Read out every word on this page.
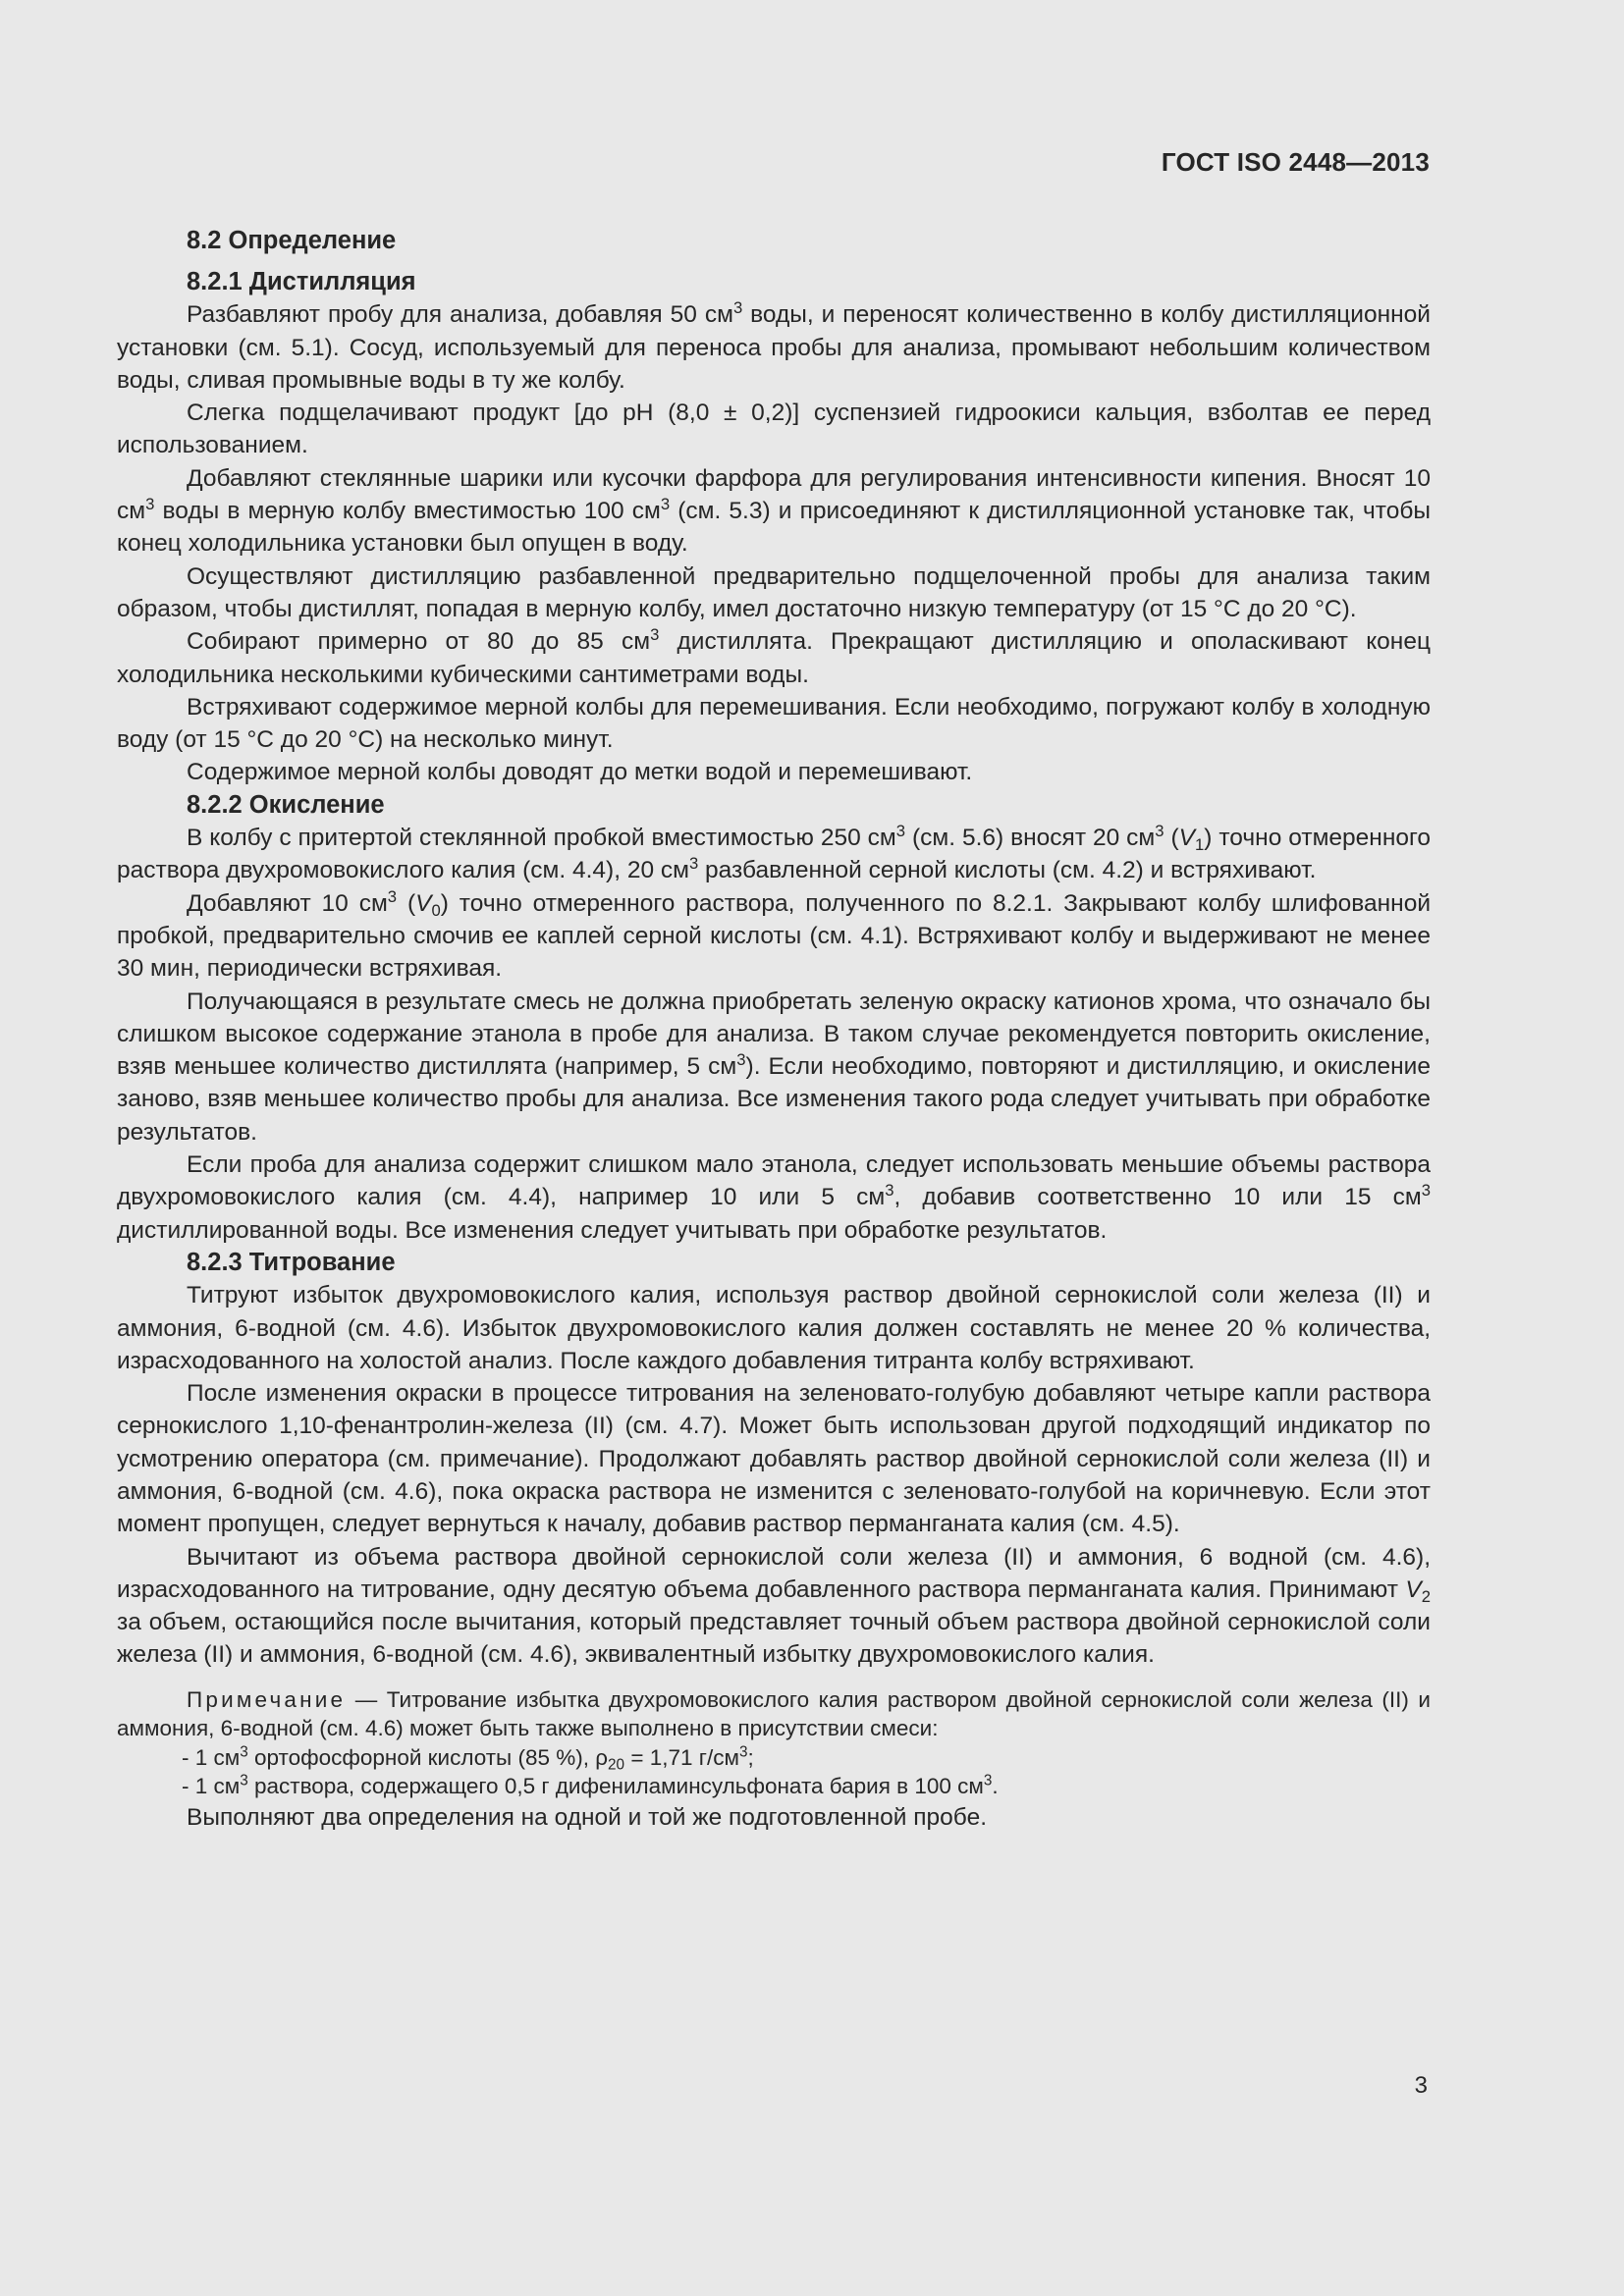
ГОСТ ISO 2448—2013
8.2 Определение
8.2.1 Дистилляция

Разбавляют пробу для анализа, добавляя 50 $см^3$ воды, и переносят количественно в колбу дистилляционной установки (см. 5.1). Сосуд, используемый для переноса пробы для анализа, промывают небольшим количеством воды, сливая промывные воды в ту же колбу.

Слегка подщелачивают продукт [до pH (8,0 ± 0,2)] суспензией гидроокиси кальция, взболтав ее перед использованием.

Добавляют стеклянные шарики или кусочки фарфора для регулирования интенсивности кипения. Вносят 10 $см^3$ воды в мерную колбу вместимостью 100 $см^3$ (см. 5.3) и присоединяют к дистилляционной установке так, чтобы конец холодильника установки был опущен в воду.

Осуществляют дистилляцию разбавленной предварительно подщелоченной пробы для анализа таким образом, чтобы дистиллят, попадая в мерную колбу, имел достаточно низкую температуру (от 15 °С до 20 °С).

Собирают примерно от 80 до 85 $см^3$ дистиллята. Прекращают дистилляцию и ополаскивают конец холодильника несколькими кубическими сантиметрами воды.

Встряхивают содержимое мерной колбы для перемешивания. Если необходимо, погружают колбу в холодную воду (от 15 °С до 20 °С) на несколько минут.

Содержимое мерной колбы доводят до метки водой и перемешивают.

8.2.2 Окисление

В колбу с притертой стеклянной пробкой вместимостью 250 $см^3$ (см. 5.6) вносят 20 $см^3$ $(V_1)$ точно отмеренного раствора двухромовокислого калия (см. 4.4), 20 $см^3$ разбавленной серной кислоты (см. 4.2) и встряхивают.

Добавляют 10 $см^3$ $(V_0)$ точно отмеренного раствора, полученного по 8.2.1. Закрывают колбу шлифованной пробкой, предварительно смочив ее каплей серной кислоты (см. 4.1). Встряхивают колбу и выдерживают не менее 30 мин, периодически встряхивая.

Получающаяся в результате смесь не должна приобретать зеленую окраску катионов хрома, что означало бы слишком высокое содержание этанола в пробе для анализа. В таком случае рекомендуется повторить окисление, взяв меньшее количество дистиллята (например, 5 $см^3$). Если необходимо, повторяют и дистилляцию, и окисление заново, взяв меньшее количество пробы для анализа. Все изменения такого рода следует учитывать при обработке результатов.

Если проба для анализа содержит слишком мало этанола, следует использовать меньшие объемы раствора двухромовокислого калия (см. 4.4), например 10 или 5 $см^3$, добавив соответственно 10 или 15 $см^3$ дистиллированной воды. Все изменения следует учитывать при обработке результатов.

8.2.3 Титрование

Титруют избыток двухромовокислого калия, используя раствор двойной сернокислой соли железа (II) и аммония, 6-водной (см. 4.6). Избыток двухромовокислого калия должен составлять не менее 20 % количества, израсходованного на холостой анализ. После каждого добавления титранта колбу встряхивают.

После изменения окраски в процессе титрования на зеленовато-голубую добавляют четыре капли раствора сернокислого 1,10-фенантролин-железа (II) (см. 4.7). Может быть использован другой подходящий индикатор по усмотрению оператора (см. примечание). Продолжают добавлять раствор двойной сернокислой соли железа (II) и аммония, 6-водной (см. 4.6), пока окраска раствора не изменится с зеленовато-голубой на коричневую. Если этот момент пропущен, следует вернуться к началу, добавив раствор перманганата калия (см. 4.5).

Вычитают из объема раствора двойной сернокислой соли железа (II) и аммония, 6 водной (см. 4.6), израсходованного на титрование, одну десятую объема добавленного раствора перманганата калия. Принимают $V_2$ за объем, остающийся после вычитания, который представляет точный объем раствора двойной сернокислой соли железа (II) и аммония, 6-водной (см. 4.6), эквивалентный избытку двухромовокислого калия.

Примечание — Титрование избытка двухромовокислого калия раствором двойной сернокислой соли железа (II) и аммония, 6-водной (см. 4.6) может быть также выполнено в присутствии смеси:

- 1 $см^3$ ортофосфорной кислоты (85 %), $\rho_{20} = 1,71$ $г/см^3$;
- 1 $см^3$ раствора, содержащего 0,5 г дифениламинсульфоната бария в 100 $см^3$.

Выполняют два определения на одной и той же подготовленной пробе.

3
